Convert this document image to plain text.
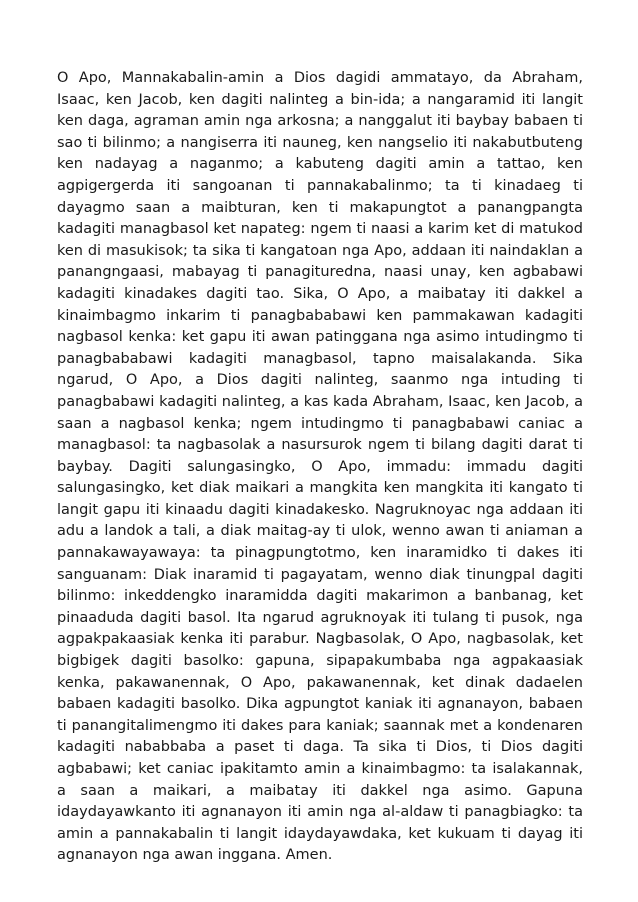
O Apo, Mannakabalin-amin a Dios dagidi ammatayo, da Abraham, Isaac, ken Jacob, ken dagiti nalinteg a bin-ida; a nangaramid iti langit ken daga, agraman amin nga arkosna; a nanggalut iti baybay babaen ti sao ti bilinmo; a nangiserra iti nauneg, ken nangselio iti nakabutbuteng ken nadayag a naganmo; a kabuteng dagiti amin a tattao, ken agpigergerda iti sangoanan ti pannakabalinmo; ta ti kinadaeg ti dayagmo saan a maibturan, ken ti makapungtot a panangpangta kadagiti managbasol ket napateg: ngem ti naasi a karim ket di matukod ken di masukisok; ta sika ti kangatoan nga Apo, addaan iti naindaklan a panangngaasi, mabayag ti panagituredna, naasi unay, ken agbabawi kadagiti kinadakes dagiti tao. Sika, O Apo, a maibatay iti dakkel a kinaimbagmo inkarim ti panagbababawi ken pammakawan kadagiti nagbasol kenka: ket gapu iti awan patinggana nga asimo intudingmo ti panagbababawi kadagiti managbasol, tapno maisalakanda. Sika ngarud, O Apo, a Dios dagiti nalinteg, saanmo nga intuding ti panagbabawi kadagiti nalinteg, a kas kada Abraham, Isaac, ken Jacob, a saan a nagbasol kenka; ngem intudingmo ti panagbabawi caniac a managbasol: ta nagbasolak a nasursurok ngem ti bilang dagiti darat ti baybay. Dagiti salungasingko, O Apo, immadu: immadu dagiti salungasingko, ket diak maikari a mangkita ken mangkita iti kangato ti langit gapu iti kinaadu dagiti kinadakesko. Nagruknoyac nga addaan iti adu a landok a tali, a diak maitag-ay ti ulok, wenno awan ti aniaman a pannakawayawaya: ta pinagpungtotmo, ken inaramidko ti dakes iti sanguanam: Diak inaramid ti pagayatam, wenno diak tinungpal dagiti bilinmo: inkeddengko inaramidda dagiti makarimon a banbanag, ket pinaaduda dagiti basol. Ita ngarud agruknoyak iti tulang ti pusok, nga agpakpakaasiak kenka iti parabur. Nagbasolak, O Apo, nagbasolak, ket bigbigek dagiti basolko: gapuna, sipapakumbaba nga agpakaasiak kenka, pakawanennak, O Apo, pakawanennak, ket dinak dadaelen babaen kadagiti basolko. Dika agpungtot kaniak iti agnanayon, babaen ti panangitalimengmo iti dakes para kaniak; saannak met a kondenaren kadagiti nababbaba a paset ti daga. Ta sika ti Dios, ti Dios dagiti agbabawi; ket caniac ipakitamto amin a kinaimbagmo: ta isalakannak, a saan a maikari, a maibatay iti dakkel nga asimo. Gapuna idaydayawkanto iti agnanayon iti amin nga al-aldaw ti panagbiagko: ta amin a pannakabalin ti langit idaydayawdaka, ket kukuam ti dayag iti agnanayon nga awan inggana. Amen.
